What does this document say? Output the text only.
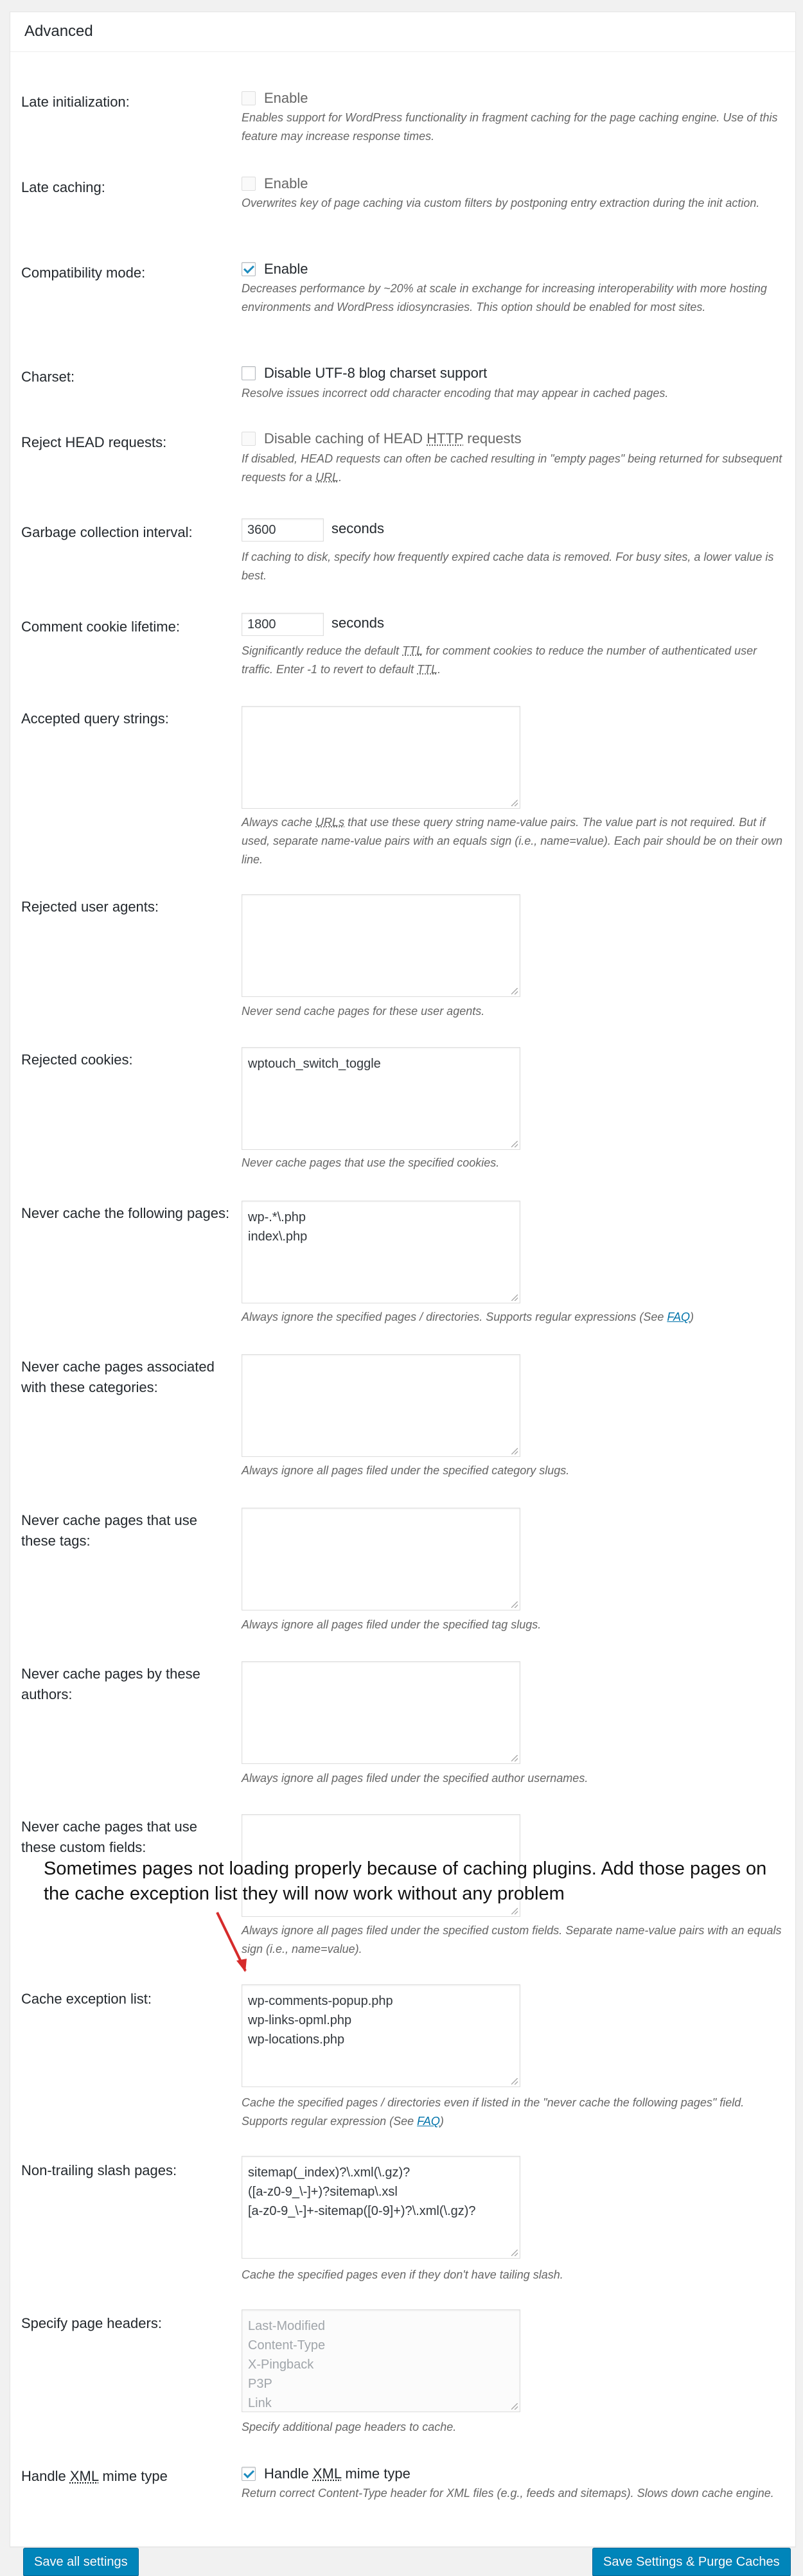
Advanced
Late initialization:	Enable

Enables support for WordPress functionality in fragment caching for the page caching engine. Use of this feature may increase response times.

Late caching:	Enable

Overwrites key of page caching via custom filters by postponing entry extraction during the init action.

Compatibility mode:	Enable

Decreases performance by ~20% at scale in exchange for increasing interoperability with more hosting environments and WordPress idiosyncrasies. This option should be enabled for most sites.

Charset:	Disable UTF-8 blog charset support

Resolve issues incorrect odd character encoding that may appear in cached pages.

Reject HEAD requests:	Disable caching of HEAD HTTP requests

If disabled, HEAD requests can often be cached resulting in "empty pages" being returned for subsequent requests for a URL.

Garbage collection interval:
3600	seconds

If caching to disk, specify how frequently expired cache data is removed. For busy sites, a lower value is best.

Comment cookie lifetime:
1800	seconds

Significantly reduce the default TTL for comment cookies to reduce the number of authenticated user traffic. Enter -1 to revert to default TTL.

Accepted query strings:

Always cache URLs that use these query string name-value pairs. The value part is not required. But if used, separate name-value pairs with an equals sign (i.e., name=value). Each pair should be on their own line.

Rejected user agents:

Never send cache pages for these user agents.

Rejected cookies:	wptouch_switch_toggle

Never cache pages that use the specified cookies.

Never cache the following pages: wp-.*\.php
index\.php

Always ignore the specified pages / directories. Supports regular expressions (See FAQ)

Never cache pages associated with these categories:

Always ignore all pages filed under the specified category slugs.

Never cache pages that use these tags:

Always ignore all pages filed under the specified tag slugs.

Never cache pages by these authors:

Always ignore all pages filed under the specified author usernames.

Never cache pages that use these custom fields:

Always ignore all pages filed under the specified custom fields. Separate name-value pairs with an equals sign (i.e., name=value).

Cache exception list:	wp-comments-popup.php
wp-links-opml.php
wp-locations.php

Cache the specified pages / directories even if listed in the "never cache the following pages" field. Supports regular expression (See FAQ)

Non-trailing slash pages:	sitemap(_index)?\.xml(\.gz)?
([a-z0-9_\-]+)?sitemap\.xsl
[a-z0-9_\-]+-sitemap([0-9]+)?\.xml(\.gz)?

Cache the specified pages even if they don't have tailing slash.

Specify page headers:	Last-Modified
Content-Type
X-Pingback
P3P
Link

Specify additional page headers to cache.

Handle XML mime type	Handle XML mime type

Return correct Content-Type header for XML files (e.g., feeds and sitemaps). Slows down cache engine.

Sometimes pages not loading properly because of caching plugins. Add those pages on the cache exception list they will now work without any problem
Save all settings	Save Settings & Purge Caches
